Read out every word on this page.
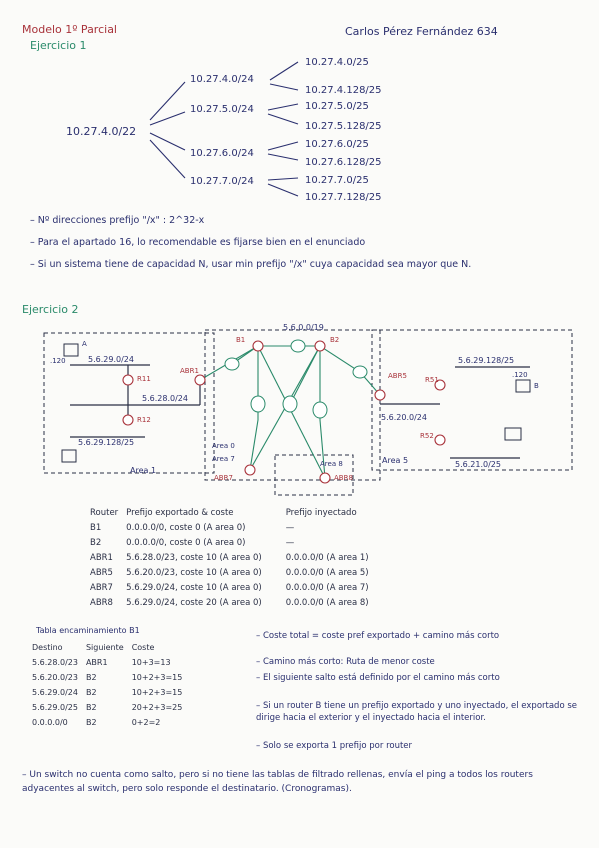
Modelo 1º Parcial	Carlos Pérez Fernández 634
Ejercicio 1
10.27.4.0/22
10.27.4.0/24
10.27.5.0/24
10.27.6.0/24
10.27.7.0/24
10.27.4.0/25
10.27.4.128/25
10.27.5.0/25
10.27.5.128/25
10.27.6.0/25
10.27.6.128/25
10.27.7.0/25
10.27.7.128/25
– Nº direcciones prefijo "/x" : 2^32-x
– Para el apartado 16, lo recomendable es fijarse bien en el enunciado
– Si un sistema tiene de capacidad N, usar min prefijo "/x" cuya capacidad sea mayor que N.
Ejercicio 2
5.6.0.0/19
5.6.29.0/24
5.6.28.0/24
5.6.29.128/25
5.6.29.128/25
5.6.20.0/24
5.6.21.0/25
R11
R12
ABR1
B1	B2
ABR5	R51
R52
ABR7	ABR8
Area 1
Area 5
Area 0
Area 7
Area 8
A
B
.120
.120
Router	Prefijo exportado & coste	Prefijo inyectado
B1	0.0.0.0/0, coste 0 (A area 0)	—
B2	0.0.0.0/0, coste 0 (A area 0)	—
ABR1	5.6.28.0/23, coste 10 (A area 0)	0.0.0.0/0 (A area 1)
ABR5	5.6.20.0/23, coste 10 (A area 0)	0.0.0.0/0 (A area 5)
ABR7	5.6.29.0/24, coste 10 (A area 0)	0.0.0.0/0 (A area 7)
ABR8	5.6.29.0/24, coste 20 (A area 0)	0.0.0.0/0 (A area 8)
Tabla encaminamiento B1
Destino	Siguiente	Coste
5.6.28.0/23	ABR1	10+3=13
5.6.20.0/23	B2	10+2+3=15
5.6.29.0/24	B2	10+2+3=15
5.6.29.0/25	B2	20+2+3=25
0.0.0.0/0	B2	0+2=2
– Coste total = coste pref exportado + camino más corto
– Camino más corto: Ruta de menor coste
– El siguiente salto está definido por el camino más corto
– Si un router B tiene un prefijo exportado y uno inyectado, el exportado se dirige hacia el exterior y el inyectado hacia el interior.
– Solo se exporta 1 prefijo por router
– Un switch no cuenta como salto, pero si no tiene las tablas de filtrado rellenas, envía el ping a todos los routers adyacentes al switch, pero solo responde el destinatario. (Cronogramas).
